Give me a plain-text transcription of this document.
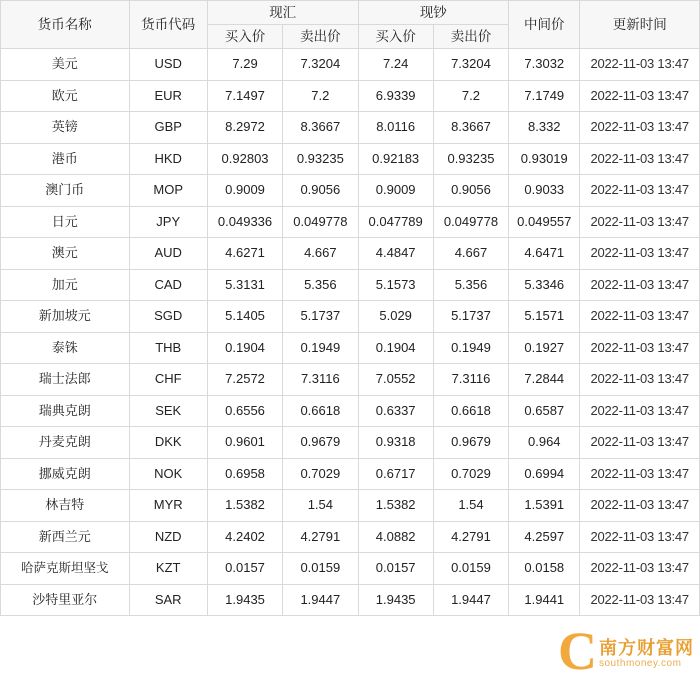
货币名称	货币代码	现汇		现钞		中间价	更新时间
		买入价	卖出价	买入价	卖出价		
美元	USD	7.29	7.3204	7.24	7.3204	7.3032	2022-11-03 13:47
欧元	EUR	7.1497	7.2	6.9339	7.2	7.1749	2022-11-03 13:47
英镑	GBP	8.2972	8.3667	8.0116	8.3667	8.332	2022-11-03 13:47
港币	HKD	0.92803	0.93235	0.92183	0.93235	0.93019	2022-11-03 13:47
澳门币	MOP	0.9009	0.9056	0.9009	0.9056	0.9033	2022-11-03 13:47
日元	JPY	0.049336	0.049778	0.047789	0.049778	0.049557	2022-11-03 13:47
澳元	AUD	4.6271	4.667	4.4847	4.667	4.6471	2022-11-03 13:47
加元	CAD	5.3131	5.356	5.1573	5.356	5.3346	2022-11-03 13:47
新加坡元	SGD	5.1405	5.1737	5.029	5.1737	5.1571	2022-11-03 13:47
泰铢	THB	0.1904	0.1949	0.1904	0.1949	0.1927	2022-11-03 13:47
瑞士法郎	CHF	7.2572	7.3116	7.0552	7.3116	7.2844	2022-11-03 13:47
瑞典克朗	SEK	0.6556	0.6618	0.6337	0.6618	0.6587	2022-11-03 13:47
丹麦克朗	DKK	0.9601	0.9679	0.9318	0.9679	0.964	2022-11-03 13:47
挪威克朗	NOK	0.6958	0.7029	0.6717	0.7029	0.6994	2022-11-03 13:47
林吉特	MYR	1.5382	1.54	1.5382	1.54	1.5391	2022-11-03 13:47
新西兰元	NZD	4.2402	4.2791	4.0882	4.2791	4.2597	2022-11-03 13:47
哈萨克斯坦坚戈	KZT	0.0157	0.0159	0.0157	0.0159	0.0158	2022-11-03 13:47
沙特里亚尔	SAR	1.9435	1.9447	1.9435	1.9447	1.9441	2022-11-03 13:47
C 南方财富网
southmoney.com
